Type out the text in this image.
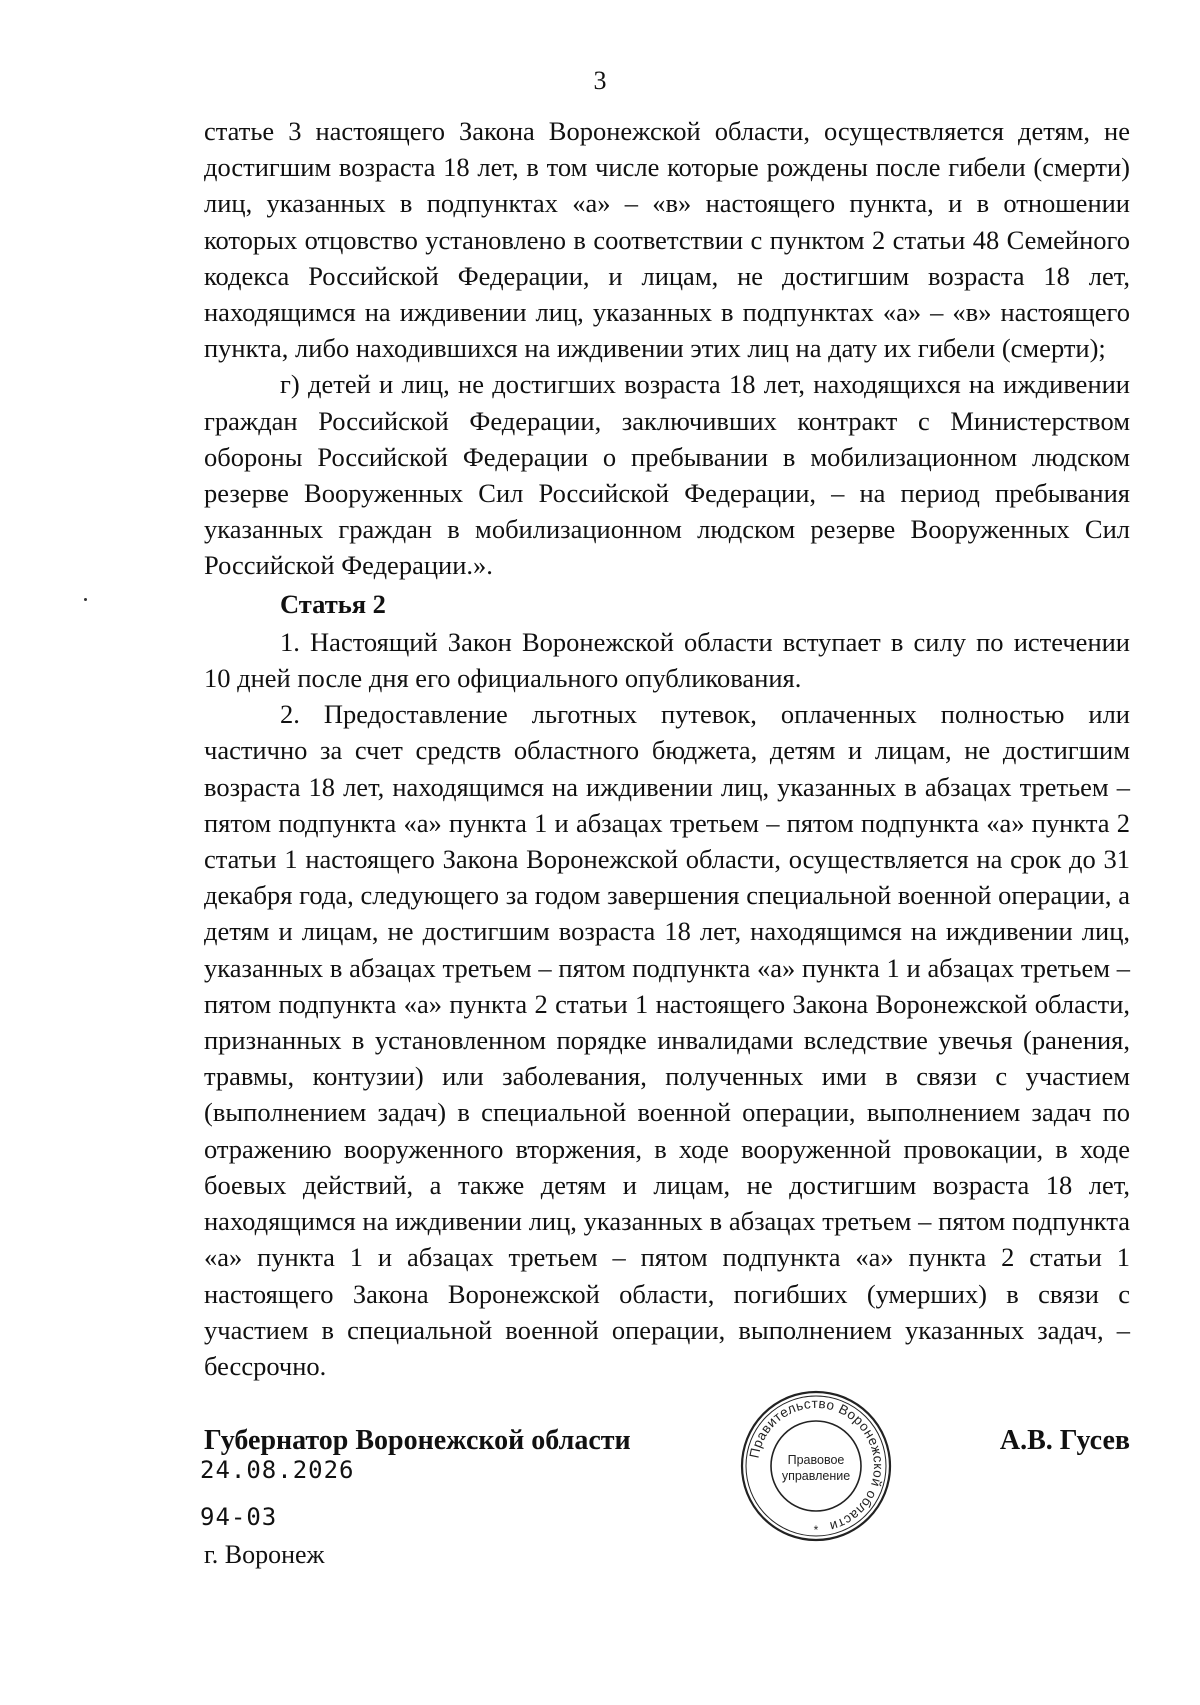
3

статье 3 настоящего Закона Воронежской области, осуществляется детям, не достигшим возраста 18 лет, в том числе которые рождены после гибели (смерти) лиц, указанных в подпунктах «а» – «в» настоящего пункта, и в отношении которых отцовство установлено в соответствии с пунктом 2 статьи 48 Семейного кодекса Российской Федерации, и лицам, не достигшим возраста 18 лет, находящимся на иждивении лиц, указанных в подпунктах «а» – «в» настоящего пункта, либо находившихся на иждивении этих лиц на дату их гибели (смерти);

г) детей и лиц, не достигших возраста 18 лет, находящихся на иждивении граждан Российской Федерации, заключивших контракт с Министерством обороны Российской Федерации о пребывании в мобилизационном людском резерве Вооруженных Сил Российской Федерации, – на период пребывания указанных граждан в мобилизационном людском резерве Вооруженных Сил Российской Федерации.».

Статья 2

1. Настоящий Закон Воронежской области вступает в силу по истечении 10 дней после дня его официального опубликования.

2. Предоставление льготных путевок, оплаченных полностью или частично за счет средств областного бюджета, детям и лицам, не достигшим возраста 18 лет, находящимся на иждивении лиц, указанных в абзацах третьем – пятом подпункта «а» пункта 1 и абзацах третьем – пятом подпункта «а» пункта 2 статьи 1 настоящего Закона Воронежской области, осуществляется на срок до 31 декабря года, следующего за годом завершения специальной военной операции, а детям и лицам, не достигшим возраста 18 лет, находящимся на иждивении лиц, указанных в абзацах третьем – пятом подпункта «а» пункта 1 и абзацах третьем – пятом подпункта «а» пункта 2 статьи 1 настоящего Закона Воронежской области, признанных в установленном порядке инвалидами вследствие увечья (ранения, травмы, контузии) или заболевания, полученных ими в связи с участием (выполнением задач) в специальной военной операции, выполнением задач по отражению вооруженного вторжения, в ходе вооруженной провокации, в ходе боевых действий, а также детям и лицам, не достигшим возраста 18 лет, находящимся на иждивении лиц, указанных в абзацах третьем – пятом подпункта «а» пункта 1 и абзацах третьем – пятом подпункта «а» пункта 2 статьи 1 настоящего Закона Воронежской области, погибших (умерших) в связи с участием в специальной военной операции, выполнением указанных задач, – бессрочно.

Губернатор Воронежской области	А.В. Гусев
24.08.2026
94-03
г. Воронеж
Правительство Воронежской области
Правовое
управление
*
